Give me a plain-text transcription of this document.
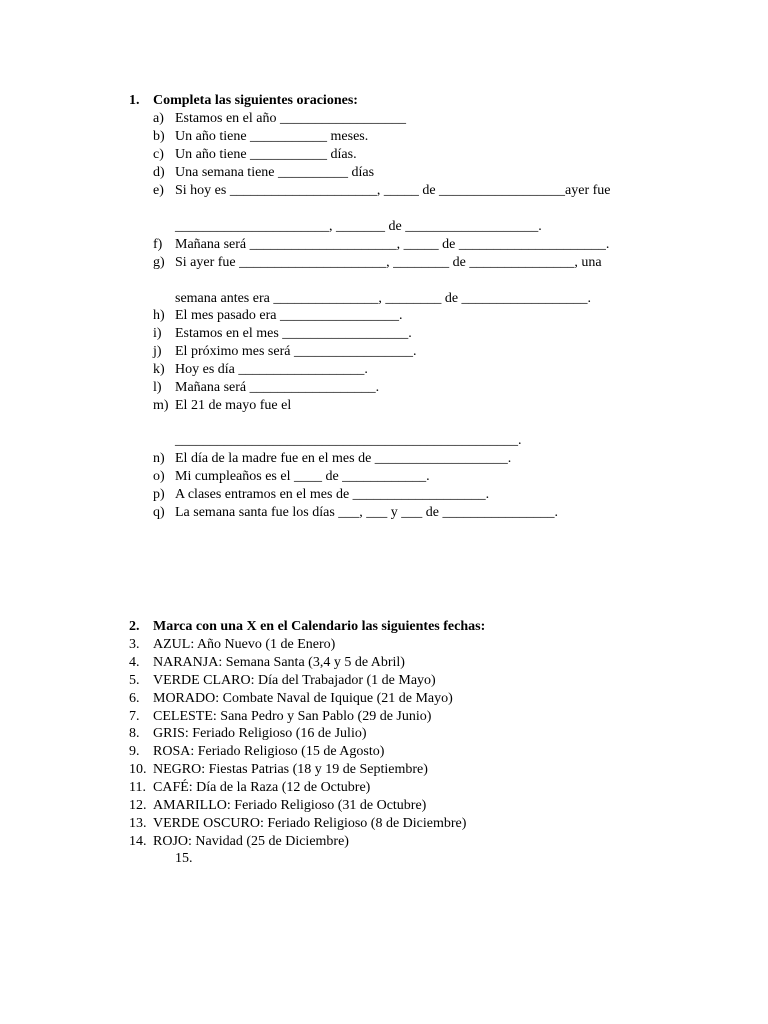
1. Completa las siguientes oraciones:
a) Estamos en el año __________________
b) Un año tiene ___________ meses.
c) Un año tiene ___________ días.
d) Una semana tiene __________ días
e) Si hoy es _____________________, _____ de __________________ayer fue
______________________, _______ de ___________________.
f) Mañana será _____________________, _____ de _____________________.
g) Si ayer fue _____________________, ________ de _______________, una
semana antes era _______________, ________ de __________________.
h) El mes pasado era _________________.
i) Estamos en el mes __________________.
j) El próximo mes será _________________.
k) Hoy es día __________________.
l) Mañana será __________________.
m) El 21 de mayo fue el
_________________________________________________.
n) El día de la madre fue en el mes de ___________________.
o) Mi cumpleaños es el ____ de ____________.
p) A clases entramos en el mes de ___________________.
q) La semana santa fue los días ___, ___ y ___ de ________________.
2. Marca con una X en el Calendario las siguientes fechas:
3. AZUL: Año Nuevo (1 de Enero)
4. NARANJA: Semana Santa (3,4 y 5 de Abril)
5. VERDE CLARO: Día del Trabajador (1 de Mayo)
6. MORADO: Combate Naval de Iquique (21 de Mayo)
7. CELESTE: Sana Pedro y San Pablo (29 de Junio)
8. GRIS: Feriado Religioso (16 de Julio)
9. ROSA: Feriado Religioso (15 de Agosto)
10. NEGRO: Fiestas Patrias (18 y 19 de Septiembre)
11. CAFÉ: Día de la Raza (12 de Octubre)
12. AMARILLO: Feriado Religioso (31 de Octubre)
13. VERDE OSCURO: Feriado Religioso (8 de Diciembre)
14. ROJO: Navidad (25 de Diciembre)
15.
